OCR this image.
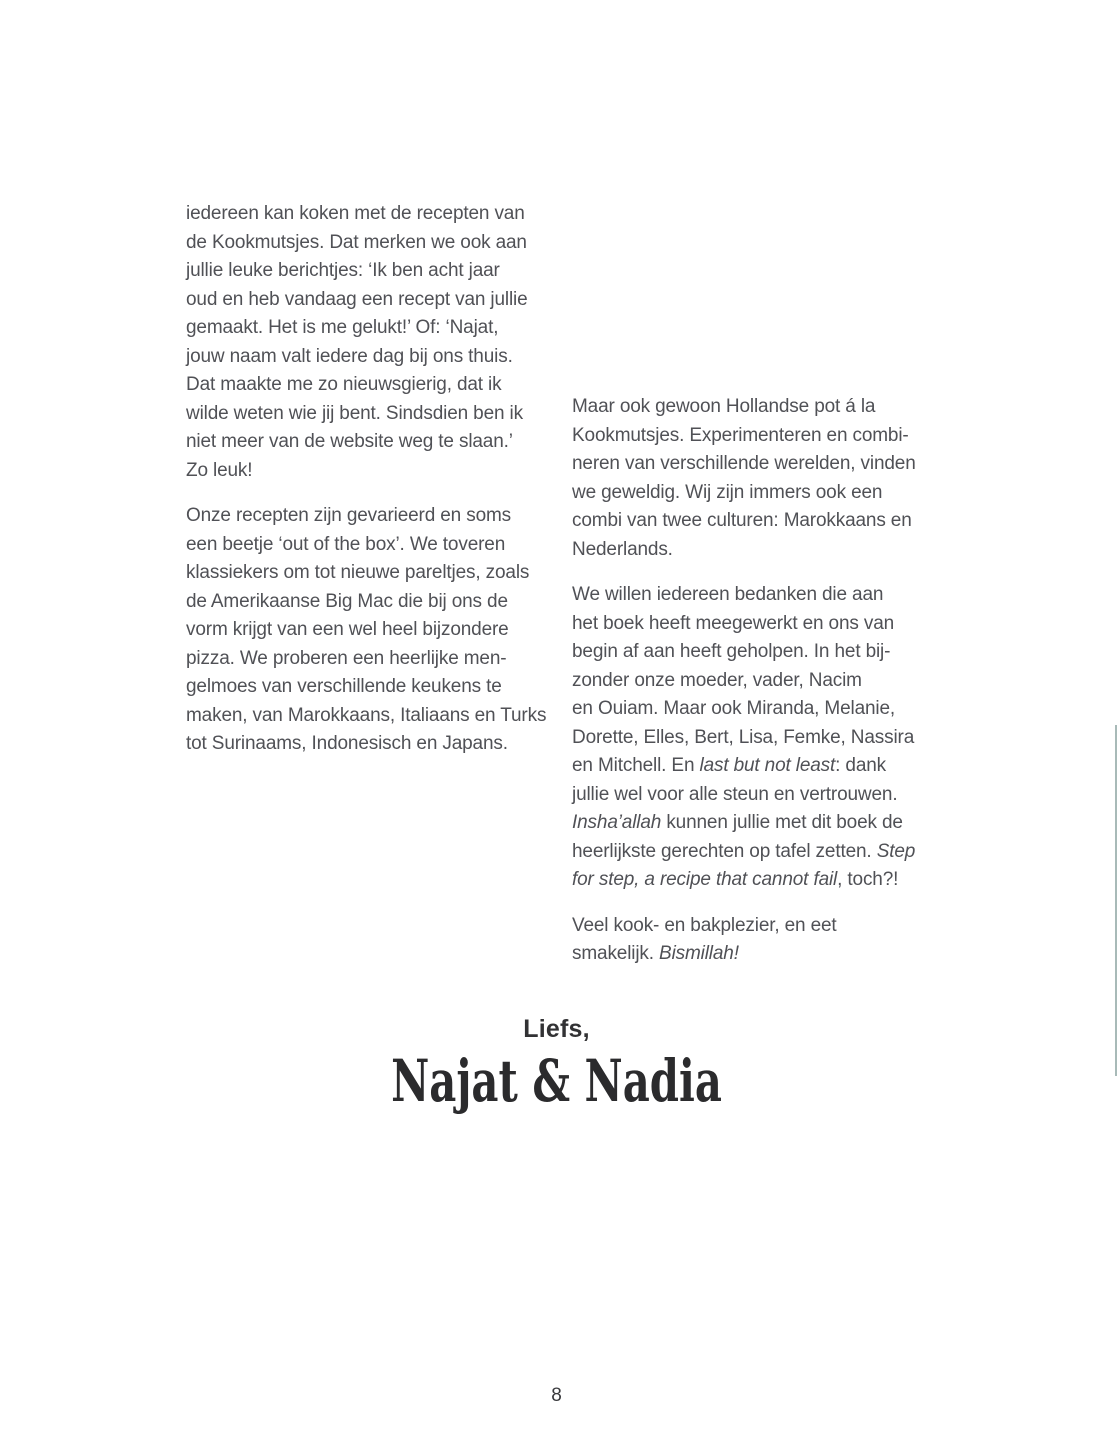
iedereen kan koken met de recepten van
de Kookmutsjes. Dat merken we ook aan
jullie leuke berichtjes: ‘Ik ben acht jaar
oud en heb vandaag een recept van jullie
gemaakt. Het is me gelukt!’ Of: ‘Najat,
jouw naam valt iedere dag bij ons thuis.
Dat maakte me zo nieuwsgierig, dat ik
wilde weten wie jij bent. Sindsdien ben ik
niet meer van de website weg te slaan.’
Zo leuk!

Onze recepten zijn gevarieerd en soms
een beetje ‘out of the box’. We toveren
klassiekers om tot nieuwe pareltjes, zoals
de Amerikaanse Big Mac die bij ons de
vorm krijgt van een wel heel bijzondere
pizza. We proberen een heerlijke men-
gelmoes van verschillende keukens te
maken, van Marokkaans, Italiaans en Turks
tot Surinaams, Indonesisch en Japans.

Maar ook gewoon Hollandse pot á la
Kookmutsjes. Experimenteren en combi-
neren van verschillende werelden, vinden
we geweldig. Wij zijn immers ook een
combi van twee culturen: Marokkaans en
Nederlands.

We willen iedereen bedanken die aan
het boek heeft meegewerkt en ons van
begin af aan heeft geholpen. In het bij-
zonder onze moeder, vader, Nacim
en Ouiam. Maar ook Miranda, Melanie,
Dorette, Elles, Bert, Lisa, Femke, Nassira
en Mitchell. En last but not least: dank
jullie wel voor alle steun en vertrouwen.
Insha’allah kunnen jullie met dit boek de
heerlijkste gerechten op tafel zetten. Step
for step, a recipe that cannot fail, toch?!

Veel kook- en bakplezier, en eet
smakelijk. Bismillah!

Liefs,
Najat & Nadia
8
